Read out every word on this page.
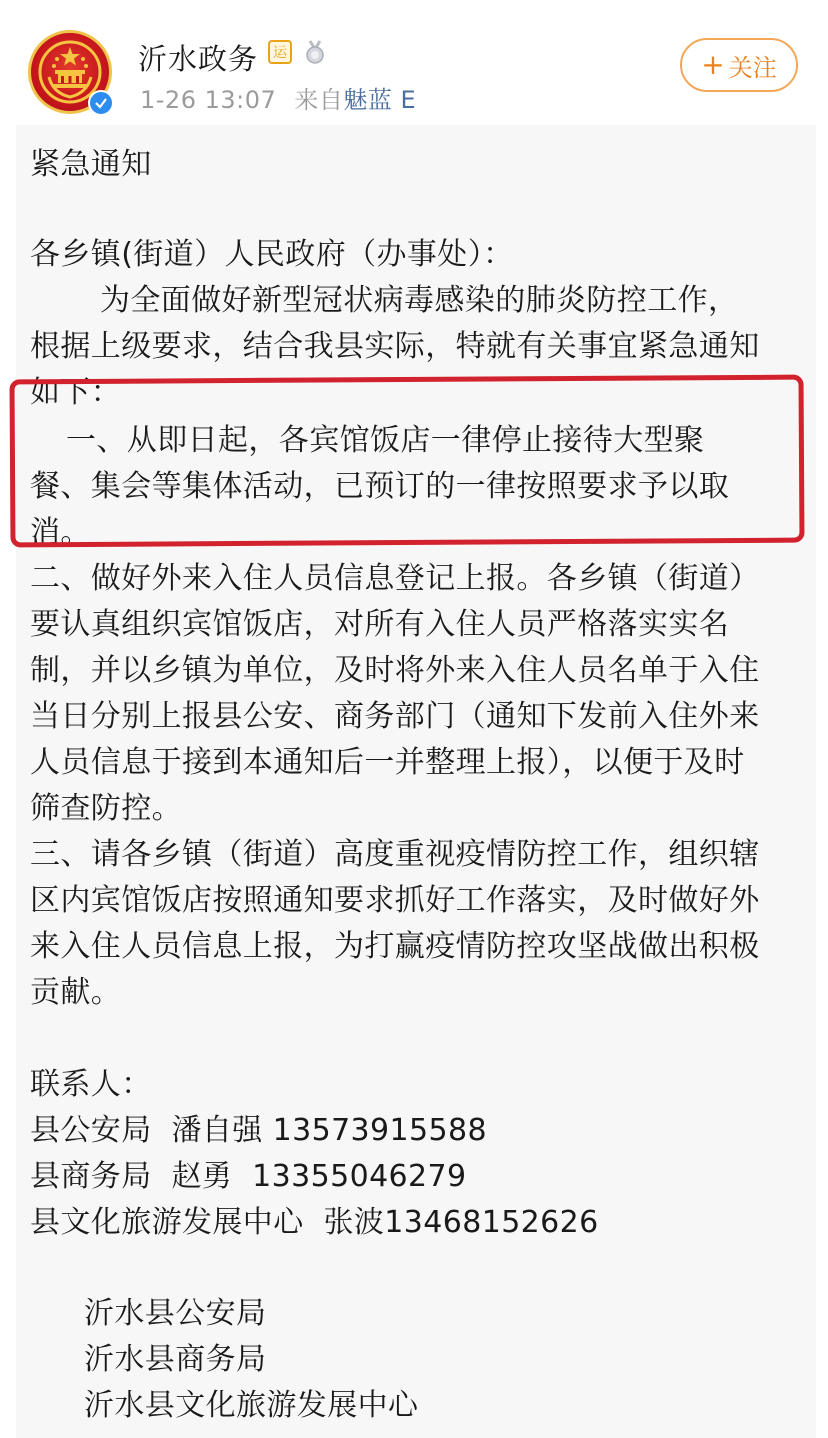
沂水政务	运
1-26 13:07 来自魅蓝 E
+ 关注
紧急通知
各乡镇(街道）人民政府（办事处）：
为全面做好新型冠状病毒感染的肺炎防控工作，
根据上级要求，结合我县实际，特就有关事宜紧急通知
如下：
一、从即日起，各宾馆饭店一律停止接待大型聚
餐、集会等集体活动，已预订的一律按照要求予以取
消。
二、做好外来入住人员信息登记上报。各乡镇（街道）
要认真组织宾馆饭店，对所有入住人员严格落实实名
制，并以乡镇为单位，及时将外来入住人员名单于入住
当日分别上报县公安、商务部门（通知下发前入住外来
人员信息于接到本通知后一并整理上报），以便于及时
筛查防控。
三、请各乡镇（街道）高度重视疫情防控工作，组织辖
区内宾馆饭店按照通知要求抓好工作落实，及时做好外
来入住人员信息上报，为打赢疫情防控攻坚战做出积极
贡献。
联系人：
县公安局  潘自强 13573915588
县商务局  赵勇  13355046279
县文化旅游发展中心  张波13468152626
沂水县公安局
沂水县商务局
沂水县文化旅游发展中心
